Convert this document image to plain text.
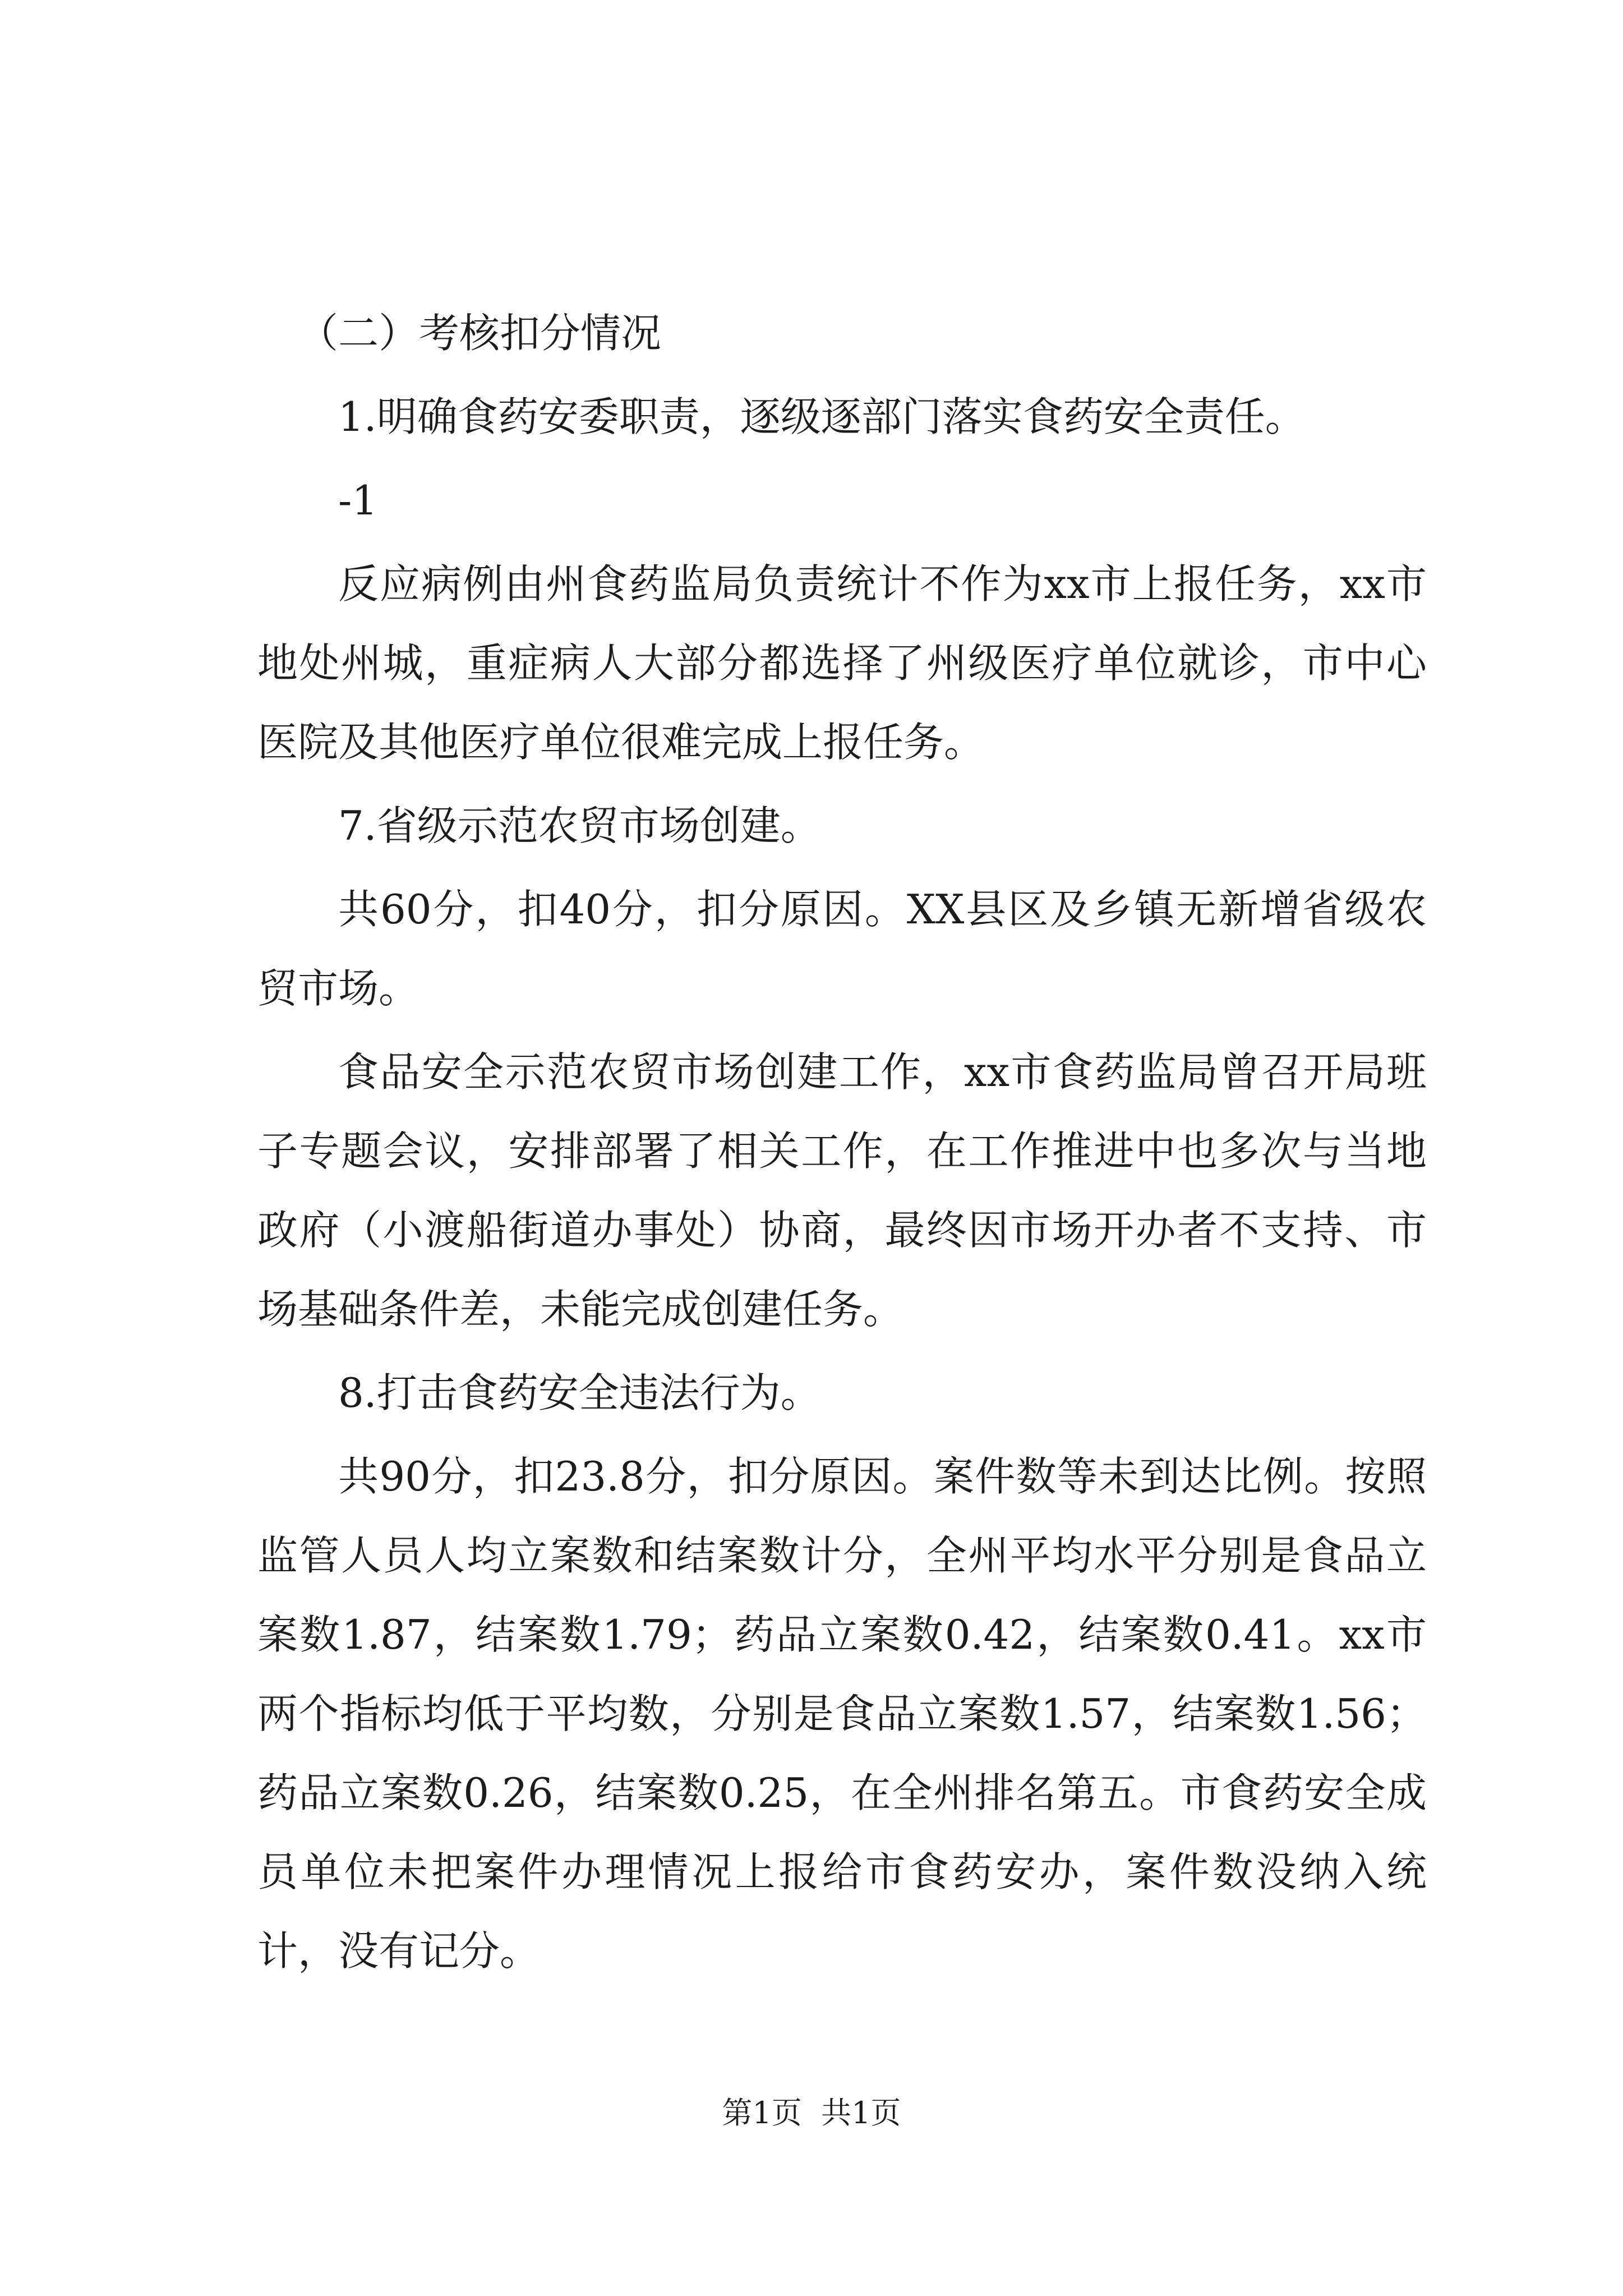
（二）考核扣分情况

1.明确食药安委职责，逐级逐部门落实食药安全责任。

-1

反应病例由州食药监局负责统计不作为xx市上报任务，xx市地处州城，重症病人大部分都选择了州级医疗单位就诊，市中心医院及其他医疗单位很难完成上报任务。

7.省级示范农贸市场创建。

共60分，扣40分，扣分原因。XX县区及乡镇无新增省级农贸市场。

食品安全示范农贸市场创建工作，xx市食药监局曾召开局班子专题会议，安排部署了相关工作，在工作推进中也多次与当地政府（小渡船街道办事处）协商，最终因市场开办者不支持、市场基础条件差，未能完成创建任务。

8.打击食药安全违法行为。

共90分，扣23.8分，扣分原因。案件数等未到达比例。按照监管人员人均立案数和结案数计分，全州平均水平分别是食品立案数1.87，结案数1.79；药品立案数0.42，结案数0.41。xx市两个指标均低于平均数，分别是食品立案数1.57，结案数1.56；药品立案数0.26，结案数0.25，在全州排名第五。市食药安全成员单位未把案件办理情况上报给市食药安办，案件数没纳入统计，没有记分。

第1页 共1页
